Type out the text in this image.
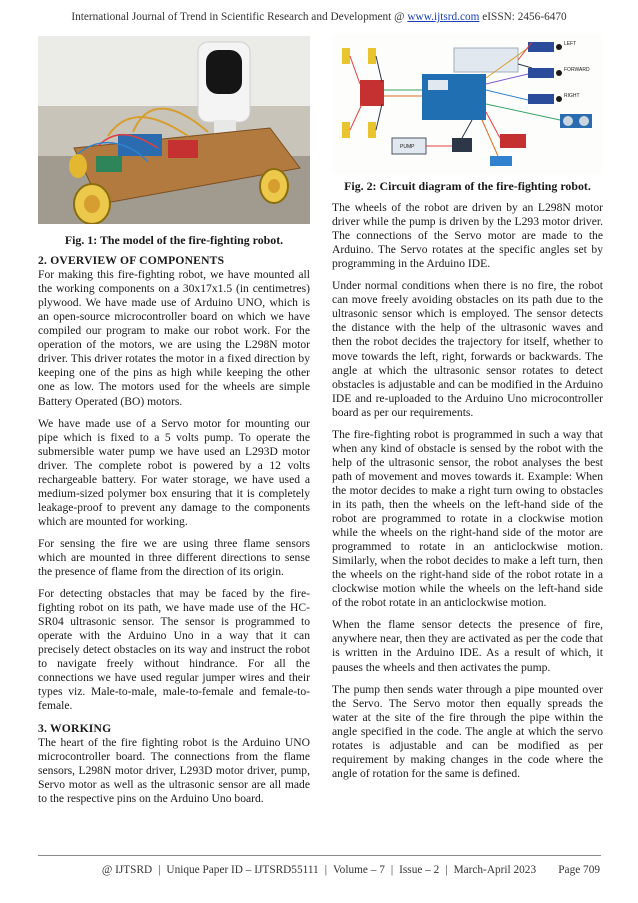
International Journal of Trend in Scientific Research and Development @ www.ijtsrd.com eISSN: 2456-6470
Fig. 1: The model of the fire-fighting robot.
2. OVERVIEW OF COMPONENTS

For making this fire-fighting robot, we have mounted all the working components on a 30x17x1.5 (in centimetres) plywood. We have made use of Arduino UNO, which is an open-source microcontroller board on which we have compiled our program to make our robot work. For the operation of the motors, we are using the L298N motor driver. This driver rotates the motor in a fixed direction by keeping one of the pins as high while keeping the other one as low. The motors used for the wheels are simple Battery Operated (BO) motors.

We have made use of a Servo motor for mounting our pipe which is fixed to a 5 volts pump. To operate the submersible water pump we have used an L293D motor driver. The complete robot is powered by a 12 volts rechargeable battery. For water storage, we have used a medium-sized polymer box ensuring that it is completely leakage-proof to prevent any damage to the components which are mounted for working.

For sensing the fire we are using three flame sensors which are mounted in three different directions to sense the presence of flame from the direction of its origin.

For detecting obstacles that may be faced by the fire-fighting robot on its path, we have made use of the HC-SR04 ultrasonic sensor. The sensor is programmed to operate with the Arduino Uno in a way that it can precisely detect obstacles on its way and instruct the robot to navigate freely without hindrance. For all the connections we have used regular jumper wires and their types viz. Male-to-male, male-to-female and female-to-female.

3. WORKING

The heart of the fire fighting robot is the Arduino UNO microcontroller board. The connections from the flame sensors, L298N motor driver, L293D motor driver, pump, Servo motor as well as the ultrasonic sensor are all made to the respective pins on the Arduino Uno board.

LEFT
FORWARD
RIGHT
PUMP
Fig. 2: Circuit diagram of the fire-fighting robot.

The wheels of the robot are driven by an L298N motor driver while the pump is driven by the L293 motor driver. The connections of the Servo motor are made to the Arduino. The Servo rotates at the specific angles set by programming in the Arduino IDE.

Under normal conditions when there is no fire, the robot can move freely avoiding obstacles on its path due to the ultrasonic sensor which is employed. The sensor detects the distance with the help of the ultrasonic waves and then the robot decides the trajectory for itself, whether to move towards the left, right, forwards or backwards. The angle at which the ultrasonic sensor rotates to detect obstacles is adjustable and can be modified in the Arduino IDE and re-uploaded to the Arduino Uno microcontroller board as per our requirements.

The fire-fighting robot is programmed in such a way that when any kind of obstacle is sensed by the robot with the help of the ultrasonic sensor, the robot analyses the best path of movement and moves towards it. Example: When the motor decides to make a right turn owing to obstacles in its path, then the wheels on the left-hand side of the robot are programmed to rotate in a clockwise motion while the wheels on the right-hand side of the motor are programmed to rotate in an anticlockwise motion. Similarly, when the robot decides to make a left turn, then the wheels on the right-hand side of the robot rotate in a clockwise motion while the wheels on the left-hand side of the robot rotate in an anticlockwise motion.

When the flame sensor detects the presence of fire, anywhere near, then they are activated as per the code that is written in the Arduino IDE. As a result of which, it pauses the wheels and then activates the pump.

The pump then sends water through a pipe mounted over the Servo. The Servo motor then equally spreads the water at the site of the fire through the pipe within the angle specified in the code. The angle at which the servo rotates is adjustable and can be modified as per requirement by making changes in the code where the angle of rotation for the same is defined.

@ IJTSRD | Unique Paper ID – IJTSRD55111 | Volume – 7 | Issue – 2 | March-April 2023 Page 709
